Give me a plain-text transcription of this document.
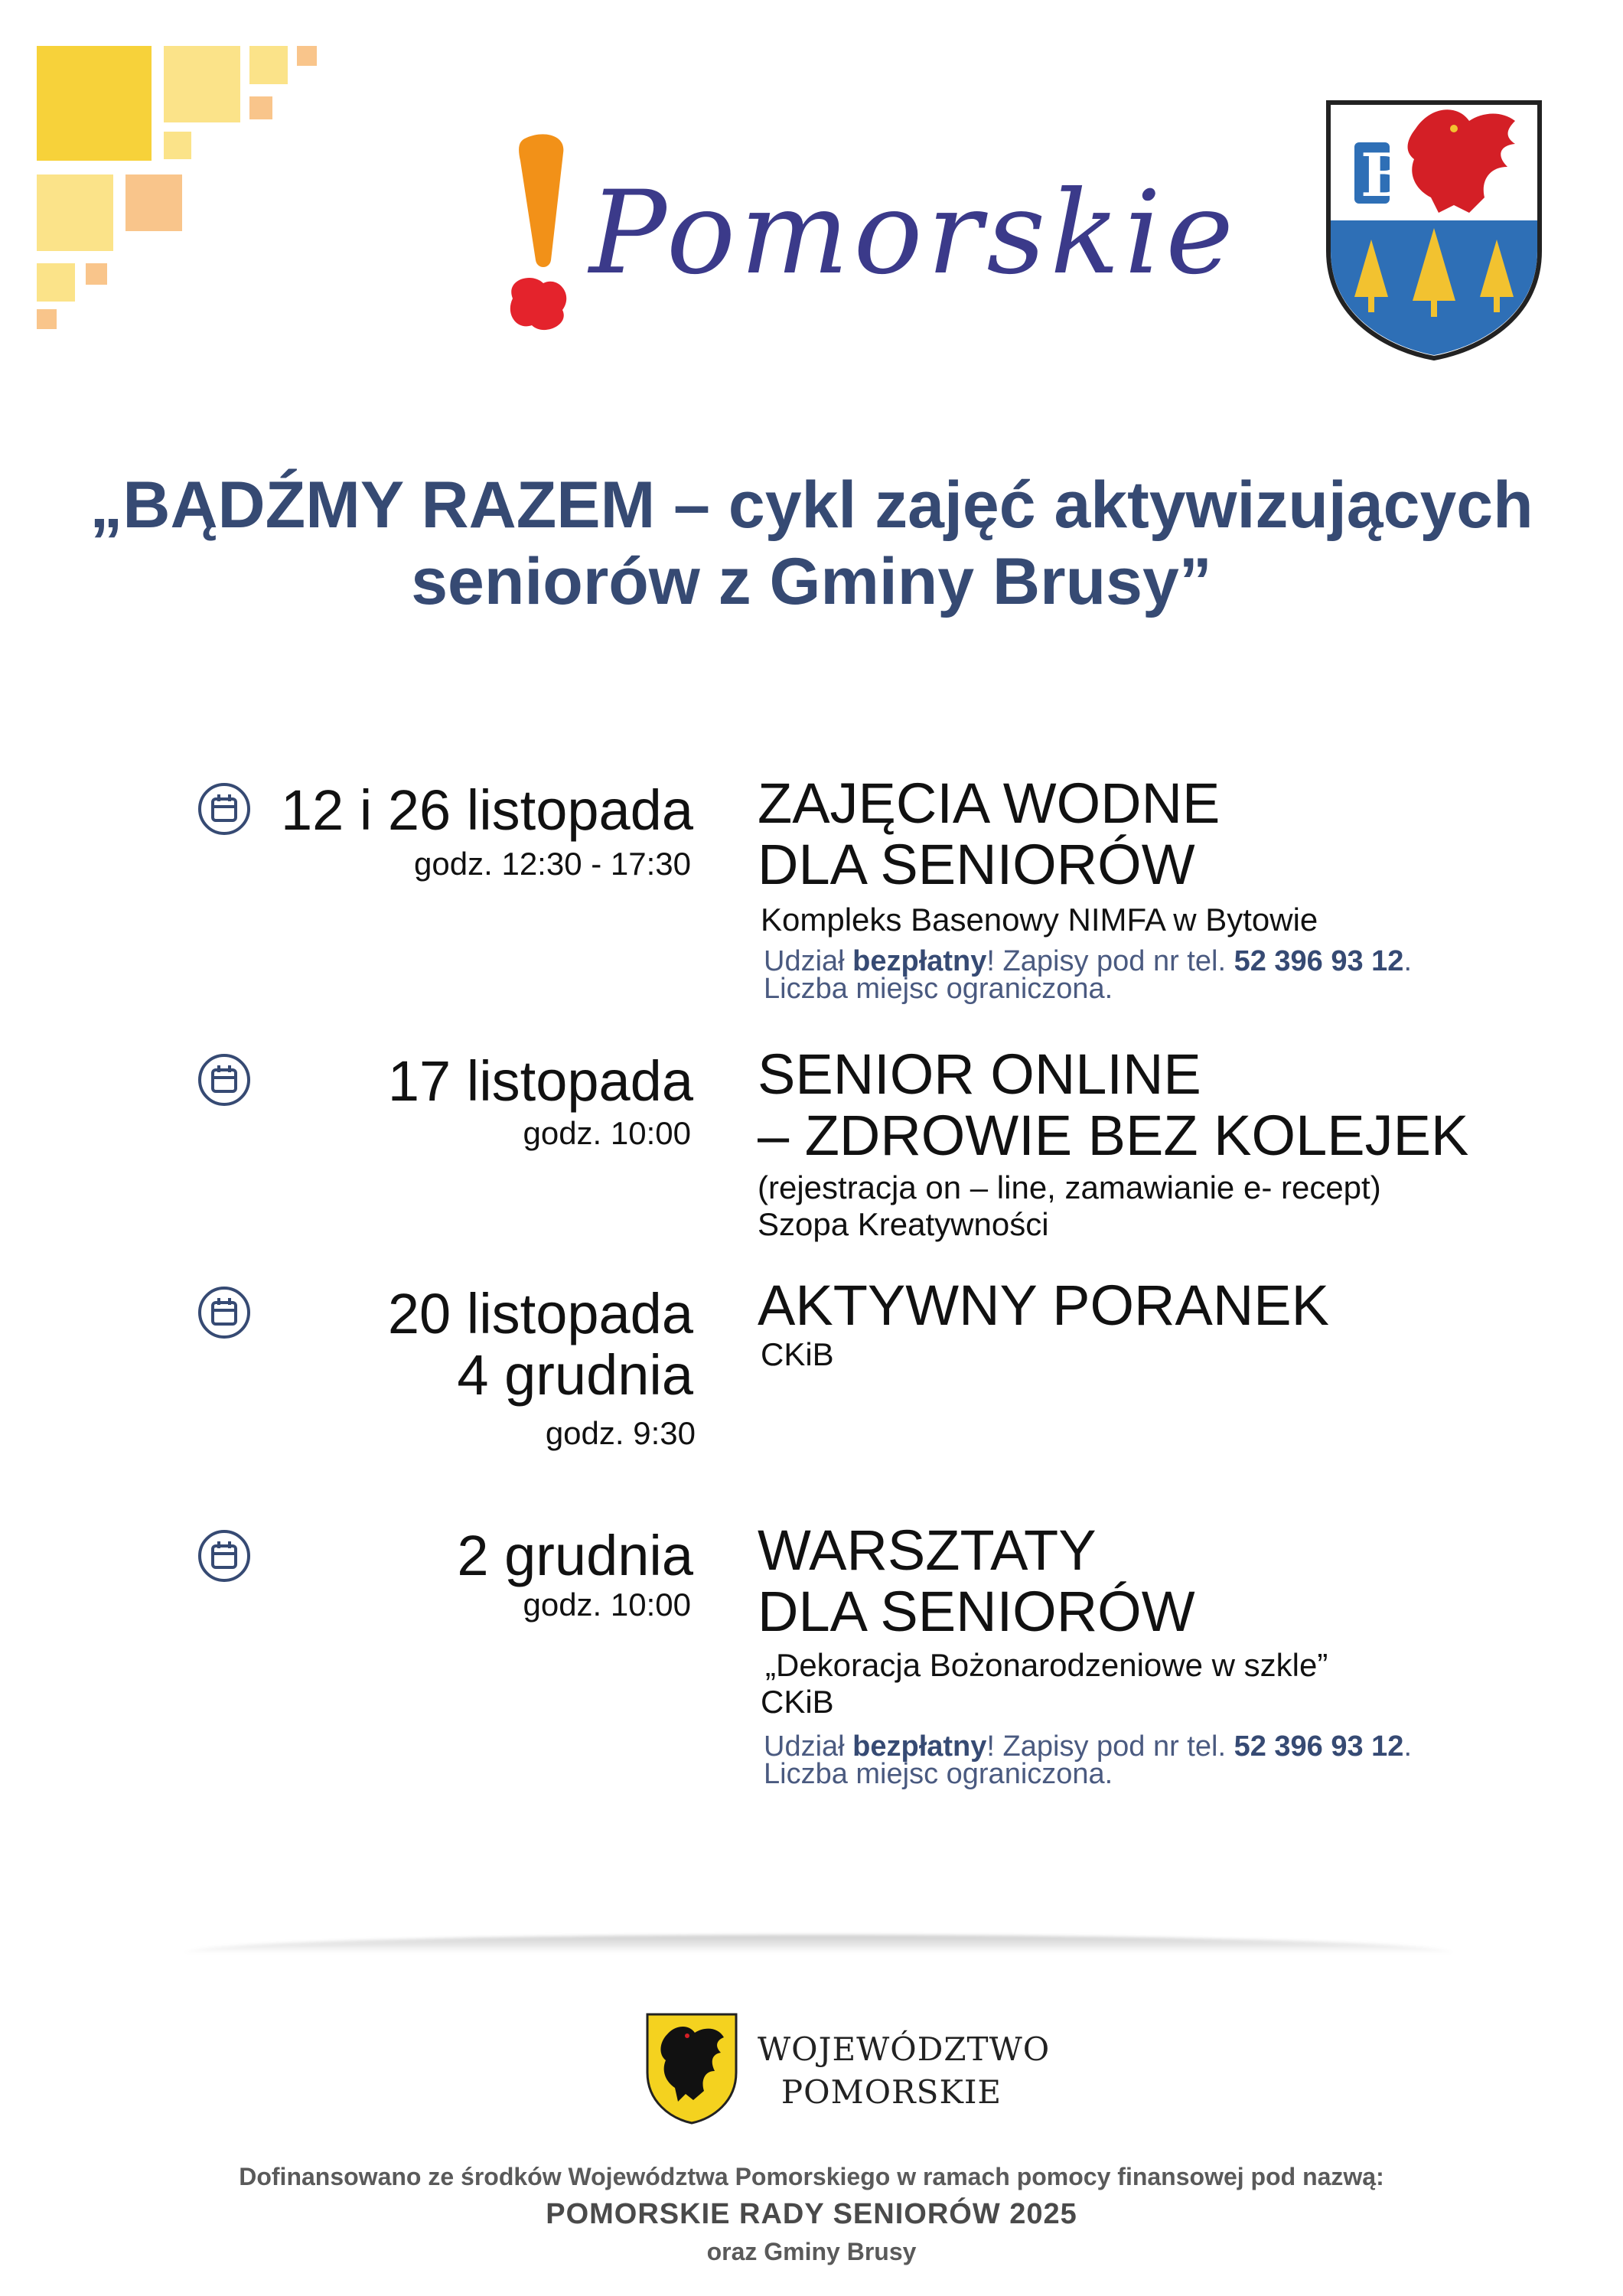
Pomorskie B
„BĄDŹMY RAZEM – cykl zajęć aktywizujących
seniorów z Gminy Brusy”
12 i 26 listopada
godz. 12:30 - 17:30
ZAJĘCIA WODNE
DLA SENIORÓW
Kompleks Basenowy NIMFA w Bytowie
Udział bezpłatny! Zapisy pod nr tel. 52 396 93 12.
Liczba miejsc ograniczona.
17 listopada
godz. 10:00
SENIOR ONLINE
– ZDROWIE BEZ KOLEJEK
(rejestracja on – line, zamawianie e- recept)
Szopa Kreatywności
20 listopada
4 grudnia
godz. 9:30
AKTYWNY PORANEK
CKiB
2 grudnia
godz. 10:00
WARSZTATY
DLA SENIORÓW
„Dekoracja Bożonarodzeniowe w szkle”
CKiB
Udział bezpłatny! Zapisy pod nr tel. 52 396 93 12.
Liczba miejsc ograniczona.
WOJEWÓDZTWO
POMORSKIE
Dofinansowano ze środków Województwa Pomorskiego w ramach pomocy finansowej pod nazwą:
POMORSKIE RADY SENIORÓW 2025
oraz Gminy Brusy
